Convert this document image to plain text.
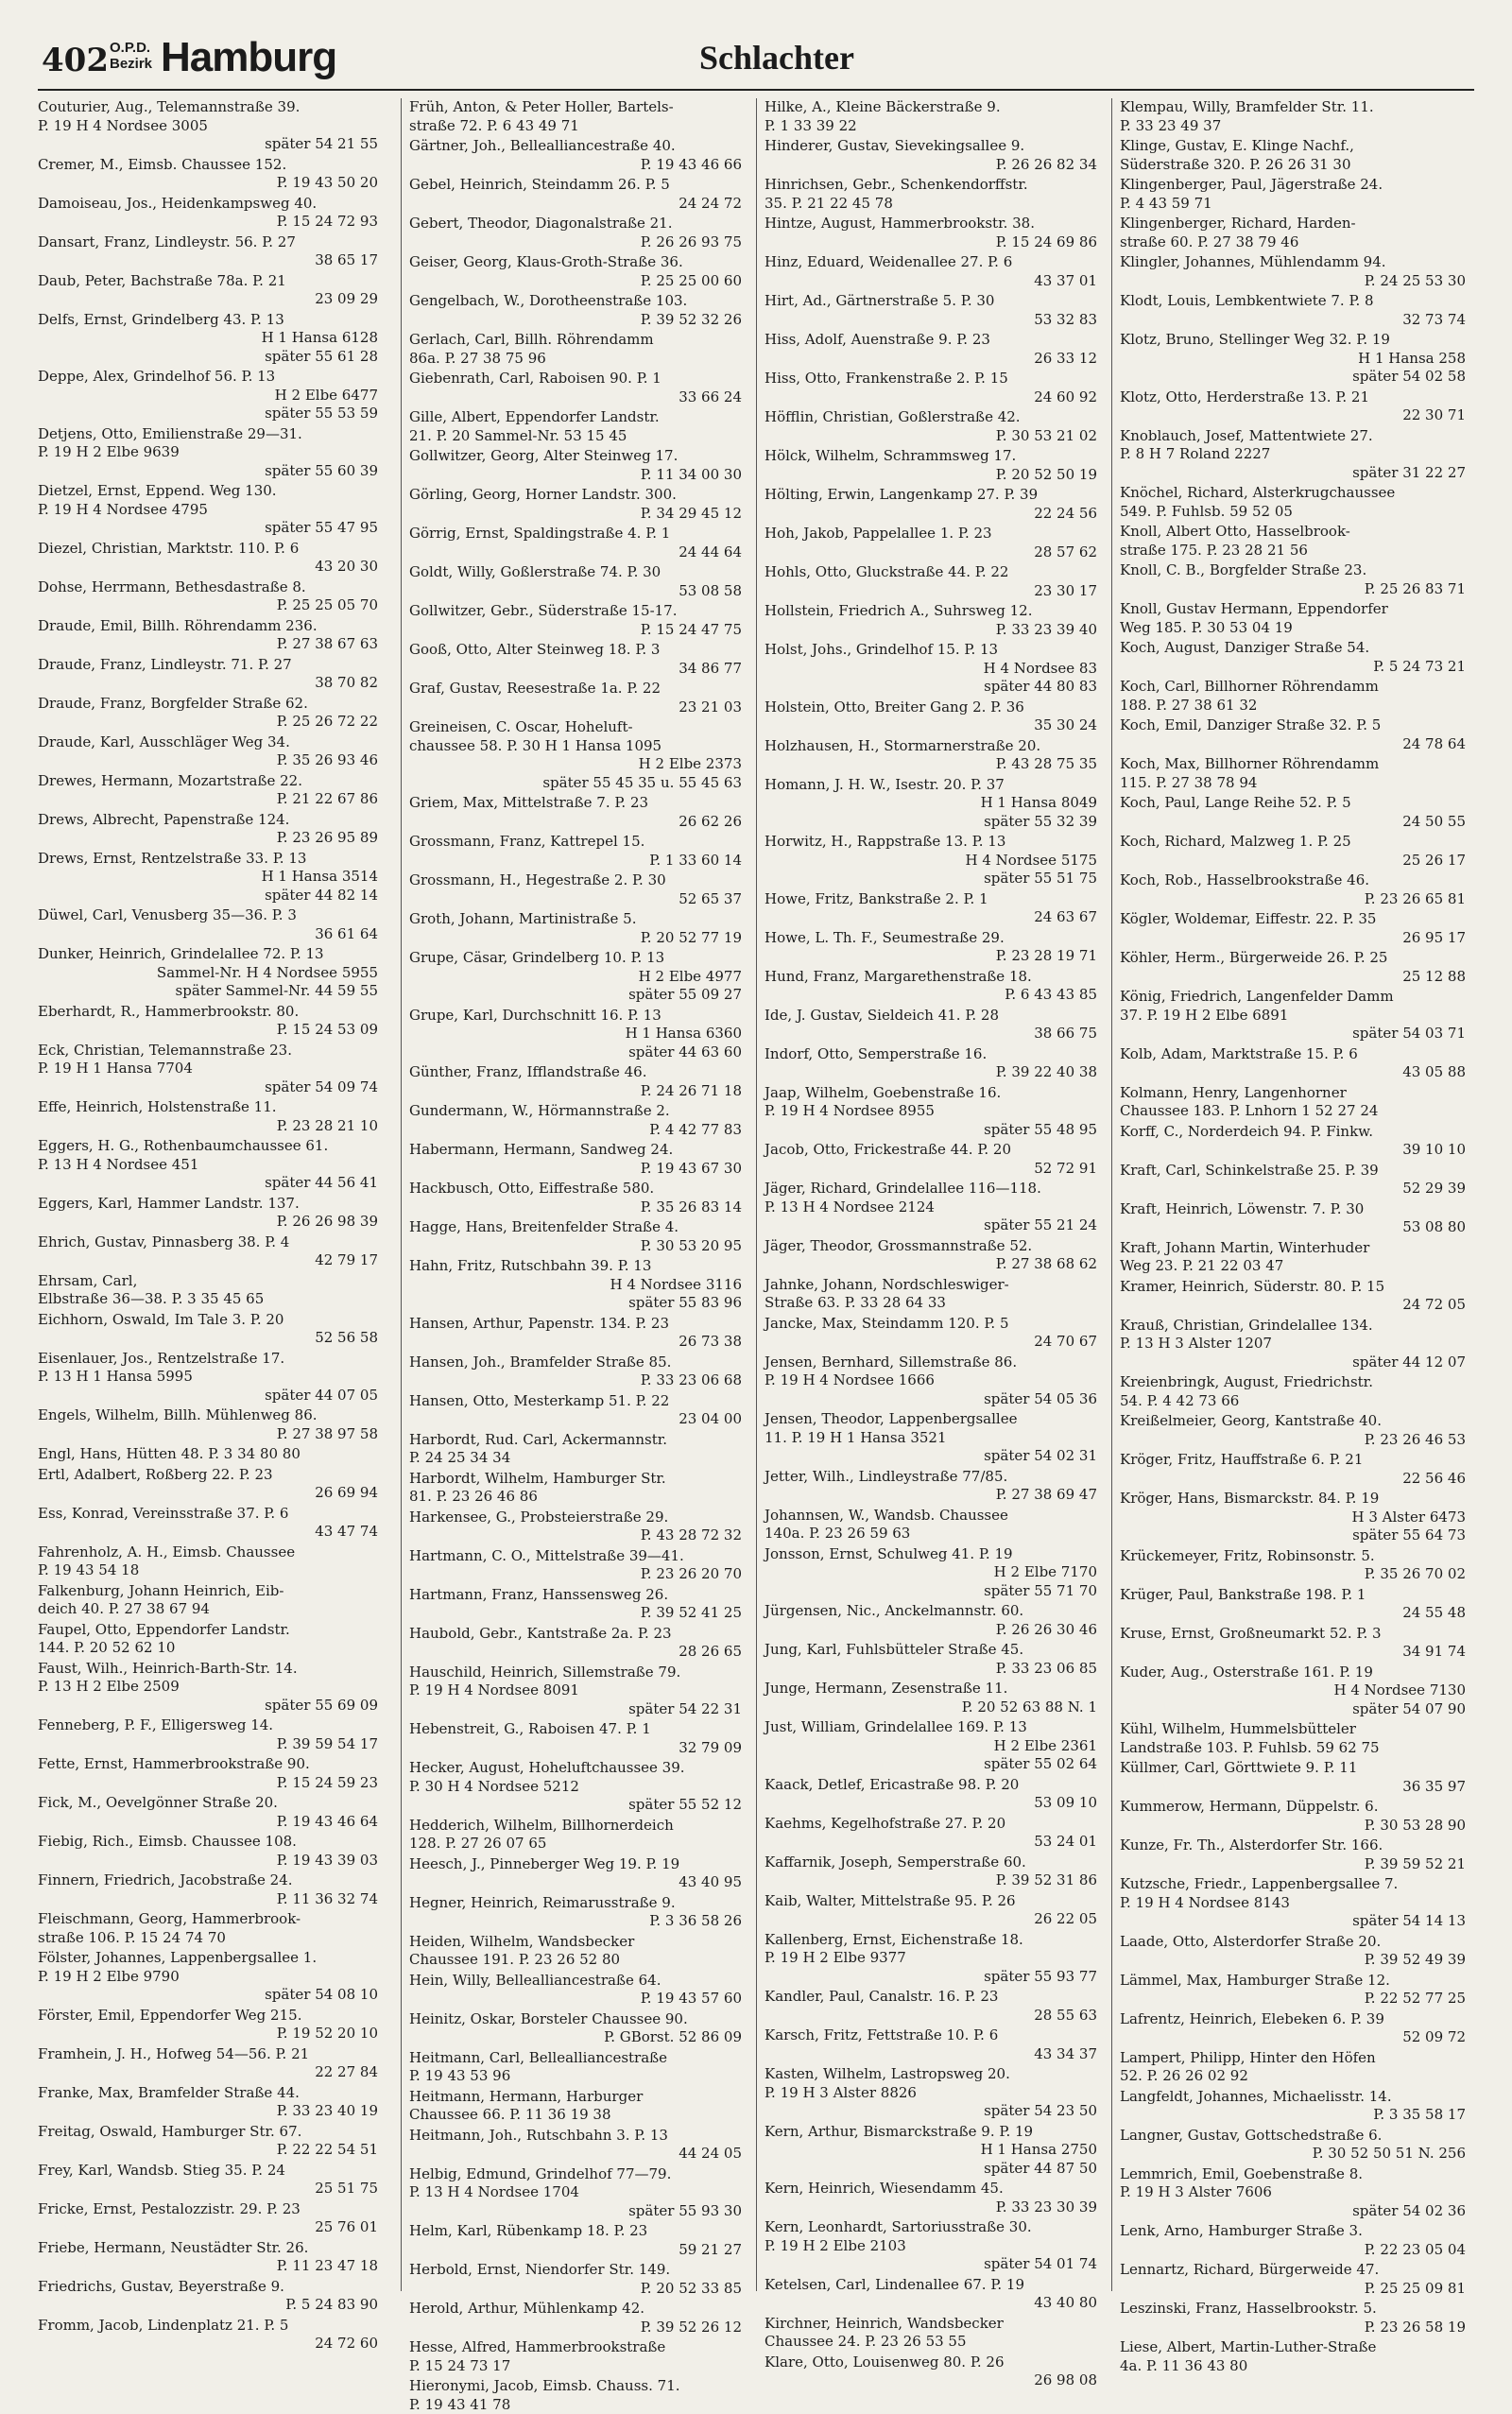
402 O.P.D.
Bezirk Hamburg	Schlachter
Couturier, Aug., Telemannstraße 39.
P. 19 H 4 Nordsee 3005
später 54 21 55
Cremer, M., Eimsb. Chaussee 152.
P. 19 43 50 20
Damoiseau, Jos., Heidenkampsweg 40.
P. 15 24 72 93
Dansart, Franz, Lindleystr. 56. P. 27
38 65 17
Daub, Peter, Bachstraße 78a. P. 21
23 09 29
Delfs, Ernst, Grindelberg 43. P. 13
H 1 Hansa 6128
später 55 61 28
Deppe, Alex, Grindelhof 56. P. 13
H 2 Elbe 6477
später 55 53 59
Detjens, Otto, Emilienstraße 29—31.
P. 19 H 2 Elbe 9639
später 55 60 39
Dietzel, Ernst, Eppend. Weg 130.
P. 19 H 4 Nordsee 4795
später 55 47 95
Diezel, Christian, Marktstr. 110. P. 6
43 20 30
Dohse, Herrmann, Bethesdastraße 8.
P. 25 25 05 70
Draude, Emil, Billh. Röhrendamm 236.
P. 27 38 67 63
Draude, Franz, Lindleystr. 71. P. 27
38 70 82
Draude, Franz, Borgfelder Straße 62.
P. 25 26 72 22
Draude, Karl, Ausschläger Weg 34.
P. 35 26 93 46
Drewes, Hermann, Mozartstraße 22.
P. 21 22 67 86
Drews, Albrecht, Papenstraße 124.
P. 23 26 95 89
Drews, Ernst, Rentzelstraße 33. P. 13
H 1 Hansa 3514
später 44 82 14
Düwel, Carl, Venusberg 35—36. P. 3
36 61 64
Dunker, Heinrich, Grindelallee 72. P. 13
Sammel-Nr. H 4 Nordsee 5955
später Sammel-Nr. 44 59 55
Eberhardt, R., Hammerbrookstr. 80.
P. 15 24 53 09
Eck, Christian, Telemannstraße 23.
P. 19 H 1 Hansa 7704
später 54 09 74
Effe, Heinrich, Holstenstraße 11.
P. 23 28 21 10
Eggers, H. G., Rothenbaumchaussee 61.
P. 13 H 4 Nordsee 451
später 44 56 41
Eggers, Karl, Hammer Landstr. 137.
P. 26 26 98 39
Ehrich, Gustav, Pinnasberg 38. P. 4
42 79 17
Ehrsam, Carl,
Elbstraße 36—38. P. 3 35 45 65
Eichhorn, Oswald, Im Tale 3. P. 20
52 56 58
Eisenlauer, Jos., Rentzelstraße 17.
P. 13 H 1 Hansa 5995
später 44 07 05
Engels, Wilhelm, Billh. Mühlenweg 86.
P. 27 38 97 58
Engl, Hans, Hütten 48. P. 3 34 80 80
Ertl, Adalbert, Roßberg 22. P. 23
26 69 94
Ess, Konrad, Vereinsstraße 37. P. 6
43 47 74
Fahrenholz, A. H., Eimsb. Chaussee
P. 19 43 54 18
Falkenburg, Johann Heinrich, Eib-
deich 40. P. 27 38 67 94
Faupel, Otto, Eppendorfer Landstr.
144. P. 20 52 62 10
Faust, Wilh., Heinrich-Barth-Str. 14.
P. 13 H 2 Elbe 2509
später 55 69 09
Fenneberg, P. F., Elligersweg 14.
P. 39 59 54 17
Fette, Ernst, Hammerbrookstraße 90.
P. 15 24 59 23
Fick, M., Oevelgönner Straße 20.
P. 19 43 46 64
Fiebig, Rich., Eimsb. Chaussee 108.
P. 19 43 39 03
Finnern, Friedrich, Jacobstraße 24.
P. 11 36 32 74
Fleischmann, Georg, Hammerbrook-
straße 106. P. 15 24 74 70
Fölster, Johannes, Lappenbergsallee 1.
P. 19 H 2 Elbe 9790
später 54 08 10
Förster, Emil, Eppendorfer Weg 215.
P. 19 52 20 10
Framhein, J. H., Hofweg 54—56. P. 21
22 27 84
Franke, Max, Bramfelder Straße 44.
P. 33 23 40 19
Freitag, Oswald, Hamburger Str. 67.
P. 22 22 54 51
Frey, Karl, Wandsb. Stieg 35. P. 24
25 51 75
Fricke, Ernst, Pestalozzistr. 29. P. 23
25 76 01
Friebe, Hermann, Neustädter Str. 26.
P. 11 23 47 18
Friedrichs, Gustav, Beyerstraße 9.
P. 5 24 83 90
Fromm, Jacob, Lindenplatz 21. P. 5
24 72 60
Früh, Anton, & Peter Holler, Bartels-
straße 72. P. 6 43 49 71
Gärtner, Joh., Bellealliancestraße 40.
P. 19 43 46 66
Gebel, Heinrich, Steindamm 26. P. 5
24 24 72
Gebert, Theodor, Diagonalstraße 21.
P. 26 26 93 75
Geiser, Georg, Klaus-Groth-Straße 36.
P. 25 25 00 60
Gengelbach, W., Dorotheenstraße 103.
P. 39 52 32 26
Gerlach, Carl, Billh. Röhrendamm
86a. P. 27 38 75 96
Giebenrath, Carl, Raboisen 90. P. 1
33 66 24
Gille, Albert, Eppendorfer Landstr.
21. P. 20 Sammel-Nr. 53 15 45
Gollwitzer, Georg, Alter Steinweg 17.
P. 11 34 00 30
Görling, Georg, Horner Landstr. 300.
P. 34 29 45 12
Görrig, Ernst, Spaldingstraße 4. P. 1
24 44 64
Goldt, Willy, Goßlerstraße 74. P. 30
53 08 58
Gollwitzer, Gebr., Süderstraße 15-17.
P. 15 24 47 75
Gooß, Otto, Alter Steinweg 18. P. 3
34 86 77
Graf, Gustav, Reesestraße 1a. P. 22
23 21 03
Greineisen, C. Oscar, Hoheluft-
chaussee 58. P. 30 H 1 Hansa 1095
H 2 Elbe 2373
später 55 45 35 u. 55 45 63
Griem, Max, Mittelstraße 7. P. 23
26 62 26
Grossmann, Franz, Kattrepel 15.
P. 1 33 60 14
Grossmann, H., Hegestraße 2. P. 30
52 65 37
Groth, Johann, Martinistraße 5.
P. 20 52 77 19
Grupe, Cäsar, Grindelberg 10. P. 13
H 2 Elbe 4977
später 55 09 27
Grupe, Karl, Durchschnitt 16. P. 13
H 1 Hansa 6360
später 44 63 60
Günther, Franz, Ifflandstraße 46.
P. 24 26 71 18
Gundermann, W., Hörmannstraße 2.
P. 4 42 77 83
Habermann, Hermann, Sandweg 24.
P. 19 43 67 30
Hackbusch, Otto, Eiffestraße 580.
P. 35 26 83 14
Hagge, Hans, Breitenfelder Straße 4.
P. 30 53 20 95
Hahn, Fritz, Rutschbahn 39. P. 13
H 4 Nordsee 3116
später 55 83 96
Hansen, Arthur, Papenstr. 134. P. 23
26 73 38
Hansen, Joh., Bramfelder Straße 85.
P. 33 23 06 68
Hansen, Otto, Mesterkamp 51. P. 22
23 04 00
Harbordt, Rud. Carl, Ackermannstr.
P. 24 25 34 34
Harbordt, Wilhelm, Hamburger Str.
81. P. 23 26 46 86
Harkensee, G., Probsteierstraße 29.
P. 43 28 72 32
Hartmann, C. O., Mittelstraße 39—41.
P. 23 26 20 70
Hartmann, Franz, Hanssensweg 26.
P. 39 52 41 25
Haubold, Gebr., Kantstraße 2a. P. 23
28 26 65
Hauschild, Heinrich, Sillemstraße 79.
P. 19 H 4 Nordsee 8091
später 54 22 31
Hebenstreit, G., Raboisen 47. P. 1
32 79 09
Hecker, August, Hoheluftchaussee 39.
P. 30 H 4 Nordsee 5212
später 55 52 12
Hedderich, Wilhelm, Billhornerdeich
128. P. 27 26 07 65
Heesch, J., Pinneberger Weg 19. P. 19
43 40 95
Hegner, Heinrich, Reimarusstraße 9.
P. 3 36 58 26
Heiden, Wilhelm, Wandsbecker
Chaussee 191. P. 23 26 52 80
Hein, Willy, Bellealliancestraße 64.
P. 19 43 57 60
Heinitz, Oskar, Borsteler Chaussee 90.
P. GBorst. 52 86 09
Heitmann, Carl, Bellealliancestraße
P. 19 43 53 96
Heitmann, Hermann, Harburger
Chaussee 66. P. 11 36 19 38
Heitmann, Joh., Rutschbahn 3. P. 13
44 24 05
Helbig, Edmund, Grindelhof 77—79.
P. 13 H 4 Nordsee 1704
später 55 93 30
Helm, Karl, Rübenkamp 18. P. 23
59 21 27
Herbold, Ernst, Niendorfer Str. 149.
P. 20 52 33 85
Herold, Arthur, Mühlenkamp 42.
P. 39 52 26 12
Hesse, Alfred, Hammerbrookstraße
P. 15 24 73 17
Hieronymi, Jacob, Eimsb. Chauss. 71.
P. 19 43 41 78
Hilke, A., Kleine Bäckerstraße 9.
P. 1 33 39 22
Hinderer, Gustav, Sievekingsallee 9.
P. 26 26 82 34
Hinrichsen, Gebr., Schenkendorffstr.
35. P. 21 22 45 78
Hintze, August, Hammerbrookstr. 38.
P. 15 24 69 86
Hinz, Eduard, Weidenallee 27. P. 6
43 37 01
Hirt, Ad., Gärtnerstraße 5. P. 30
53 32 83
Hiss, Adolf, Auenstraße 9. P. 23
26 33 12
Hiss, Otto, Frankenstraße 2. P. 15
24 60 92
Höfflin, Christian, Goßlerstraße 42.
P. 30 53 21 02
Hölck, Wilhelm, Schrammsweg 17.
P. 20 52 50 19
Hölting, Erwin, Langenkamp 27. P. 39
22 24 56
Hoh, Jakob, Pappelallee 1. P. 23
28 57 62
Hohls, Otto, Gluckstraße 44. P. 22
23 30 17
Hollstein, Friedrich A., Suhrsweg 12.
P. 33 23 39 40
Holst, Johs., Grindelhof 15. P. 13
H 4 Nordsee 83
später 44 80 83
Holstein, Otto, Breiter Gang 2. P. 36
35 30 24
Holzhausen, H., Stormarnerstraße 20.
P. 43 28 75 35
Homann, J. H. W., Isestr. 20. P. 37
H 1 Hansa 8049
später 55 32 39
Horwitz, H., Rappstraße 13. P. 13
H 4 Nordsee 5175
später 55 51 75
Howe, Fritz, Bankstraße 2. P. 1
24 63 67
Howe, L. Th. F., Seumestraße 29.
P. 23 28 19 71
Hund, Franz, Margarethenstraße 18.
P. 6 43 43 85
Ide, J. Gustav, Sieldeich 41. P. 28
38 66 75
Indorf, Otto, Semperstraße 16.
P. 39 22 40 38
Jaap, Wilhelm, Goebenstraße 16.
P. 19 H 4 Nordsee 8955
später 55 48 95
Jacob, Otto, Frickestraße 44. P. 20
52 72 91
Jäger, Richard, Grindelallee 116—118.
P. 13 H 4 Nordsee 2124
später 55 21 24
Jäger, Theodor, Grossmannstraße 52.
P. 27 38 68 62
Jahnke, Johann, Nordschleswiger-
Straße 63. P. 33 28 64 33
Jancke, Max, Steindamm 120. P. 5
24 70 67
Jensen, Bernhard, Sillemstraße 86.
P. 19 H 4 Nordsee 1666
später 54 05 36
Jensen, Theodor, Lappenbergsallee
11. P. 19 H 1 Hansa 3521
später 54 02 31
Jetter, Wilh., Lindleystraße 77/85.
P. 27 38 69 47
Johannsen, W., Wandsb. Chaussee
140a. P. 23 26 59 63
Jonsson, Ernst, Schulweg 41. P. 19
H 2 Elbe 7170
später 55 71 70
Jürgensen, Nic., Anckelmannstr. 60.
P. 26 26 30 46
Jung, Karl, Fuhlsbütteler Straße 45.
P. 33 23 06 85
Junge, Hermann, Zesenstraße 11.
P. 20 52 63 88 N. 1
Just, William, Grindelallee 169. P. 13
H 2 Elbe 2361
später 55 02 64
Kaack, Detlef, Ericastraße 98. P. 20
53 09 10
Kaehms, Kegelhofstraße 27. P. 20
53 24 01
Kaffarnik, Joseph, Semperstraße 60.
P. 39 52 31 86
Kaib, Walter, Mittelstraße 95. P. 26
26 22 05
Kallenberg, Ernst, Eichenstraße 18.
P. 19 H 2 Elbe 9377
später 55 93 77
Kandler, Paul, Canalstr. 16. P. 23
28 55 63
Karsch, Fritz, Fettstraße 10. P. 6
43 34 37
Kasten, Wilhelm, Lastropsweg 20.
P. 19 H 3 Alster 8826
später 54 23 50
Kern, Arthur, Bismarckstraße 9. P. 19
H 1 Hansa 2750
später 44 87 50
Kern, Heinrich, Wiesendamm 45.
P. 33 23 30 39
Kern, Leonhardt, Sartoriusstraße 30.
P. 19 H 2 Elbe 2103
später 54 01 74
Ketelsen, Carl, Lindenallee 67. P. 19
43 40 80
Kirchner, Heinrich, Wandsbecker
Chaussee 24. P. 23 26 53 55
Klare, Otto, Louisenweg 80. P. 26
26 98 08
Klempau, Willy, Bramfelder Str. 11.
P. 33 23 49 37
Klinge, Gustav, E. Klinge Nachf.,
Süderstraße 320. P. 26 26 31 30
Klingenberger, Paul, Jägerstraße 24.
P. 4 43 59 71
Klingenberger, Richard, Harden-
straße 60. P. 27 38 79 46
Klingler, Johannes, Mühlendamm 94.
P. 24 25 53 30
Klodt, Louis, Lembkentwiete 7. P. 8
32 73 74
Klotz, Bruno, Stellinger Weg 32. P. 19
H 1 Hansa 258
später 54 02 58
Klotz, Otto, Herderstraße 13. P. 21
22 30 71
Knoblauch, Josef, Mattentwiete 27.
P. 8 H 7 Roland 2227
später 31 22 27
Knöchel, Richard, Alsterkrugchaussee
549. P. Fuhlsb. 59 52 05
Knoll, Albert Otto, Hasselbrook-
straße 175. P. 23 28 21 56
Knoll, C. B., Borgfelder Straße 23.
P. 25 26 83 71
Knoll, Gustav Hermann, Eppendorfer
Weg 185. P. 30 53 04 19
Koch, August, Danziger Straße 54.
P. 5 24 73 21
Koch, Carl, Billhorner Röhrendamm
188. P. 27 38 61 32
Koch, Emil, Danziger Straße 32. P. 5
24 78 64
Koch, Max, Billhorner Röhrendamm
115. P. 27 38 78 94
Koch, Paul, Lange Reihe 52. P. 5
24 50 55
Koch, Richard, Malzweg 1. P. 25
25 26 17
Koch, Rob., Hasselbrookstraße 46.
P. 23 26 65 81
Kögler, Woldemar, Eiffestr. 22. P. 35
26 95 17
Köhler, Herm., Bürgerweide 26. P. 25
25 12 88
König, Friedrich, Langenfelder Damm
37. P. 19 H 2 Elbe 6891
später 54 03 71
Kolb, Adam, Marktstraße 15. P. 6
43 05 88
Kolmann, Henry, Langenhorner
Chaussee 183. P. Lnhorn 1 52 27 24
Korff, C., Norderdeich 94. P. Finkw.
39 10 10
Kraft, Carl, Schinkelstraße 25. P. 39
52 29 39
Kraft, Heinrich, Löwenstr. 7. P. 30
53 08 80
Kraft, Johann Martin, Winterhuder
Weg 23. P. 21 22 03 47
Kramer, Heinrich, Süderstr. 80. P. 15
24 72 05
Krauß, Christian, Grindelallee 134.
P. 13 H 3 Alster 1207
später 44 12 07
Kreienbringk, August, Friedrichstr.
54. P. 4 42 73 66
Kreißelmeier, Georg, Kantstraße 40.
P. 23 26 46 53
Kröger, Fritz, Hauffstraße 6. P. 21
22 56 46
Kröger, Hans, Bismarckstr. 84. P. 19
H 3 Alster 6473
später 55 64 73
Krückemeyer, Fritz, Robinsonstr. 5.
P. 35 26 70 02
Krüger, Paul, Bankstraße 198. P. 1
24 55 48
Kruse, Ernst, Großneumarkt 52. P. 3
34 91 74
Kuder, Aug., Osterstraße 161. P. 19
H 4 Nordsee 7130
später 54 07 90
Kühl, Wilhelm, Hummelsbütteler
Landstraße 103. P. Fuhlsb. 59 62 75
Küllmer, Carl, Görttwiete 9. P. 11
36 35 97
Kummerow, Hermann, Düppelstr. 6.
P. 30 53 28 90
Kunze, Fr. Th., Alsterdorfer Str. 166.
P. 39 59 52 21
Kutzsche, Friedr., Lappenbergsallee 7.
P. 19 H 4 Nordsee 8143
später 54 14 13
Laade, Otto, Alsterdorfer Straße 20.
P. 39 52 49 39
Lämmel, Max, Hamburger Straße 12.
P. 22 52 77 25
Lafrentz, Heinrich, Elebeken 6. P. 39
52 09 72
Lampert, Philipp, Hinter den Höfen
52. P. 26 26 02 92
Langfeldt, Johannes, Michaelisstr. 14.
P. 3 35 58 17
Langner, Gustav, Gottschedstraße 6.
P. 30 52 50 51 N. 256
Lemmrich, Emil, Goebenstraße 8.
P. 19 H 3 Alster 7606
später 54 02 36
Lenk, Arno, Hamburger Straße 3.
P. 22 23 05 04
Lennartz, Richard, Bürgerweide 47.
P. 25 25 09 81
Leszinski, Franz, Hasselbrookstr. 5.
P. 23 26 58 19
Liese, Albert, Martin-Luther-Straße
4a. P. 11 36 43 80
